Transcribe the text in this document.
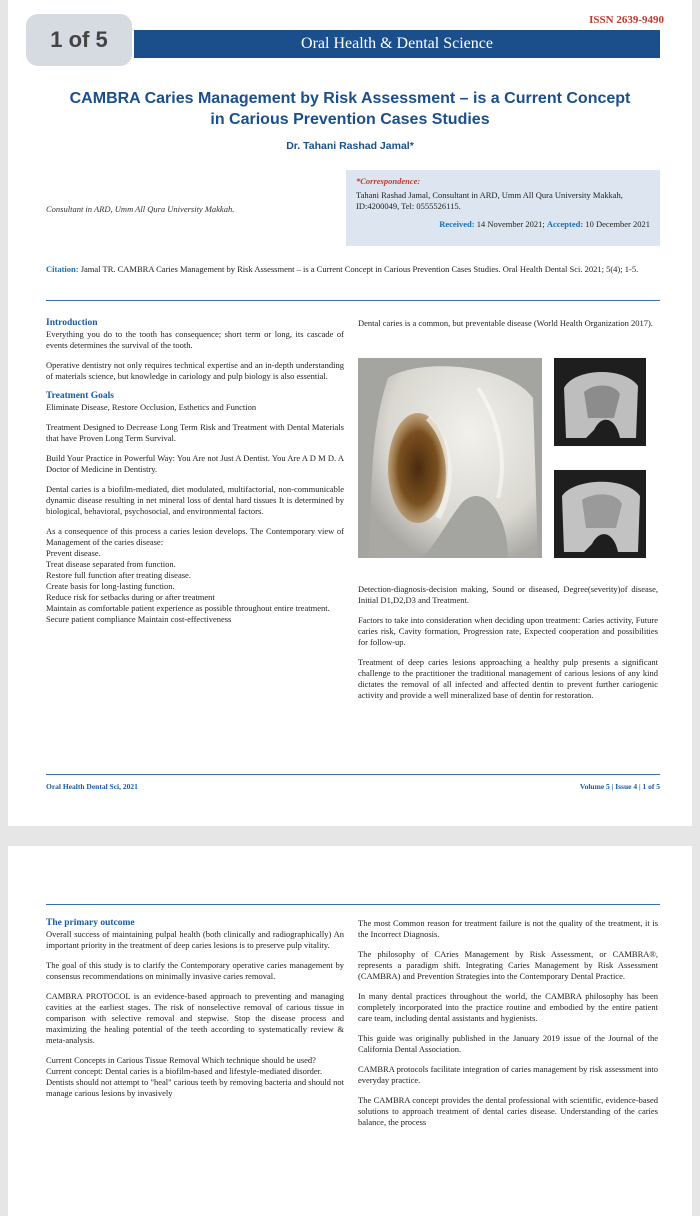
ISSN 2639-9490
Oral Health & Dental Science
CAMBRA Caries Management by Risk Assessment – is a Current Concept
in Carious Prevention Cases Studies
Dr. Tahani Rashad Jamal*
Consultant in ARD, Umm All Qura University Makkah.
*Correspondence:
Tahani Rashad Jamal, Consultant in ARD, Umm All Qura University Makkah, ID:4200049, Tel: 0555526115.
Received: 14 November 2021; Accepted: 10 December 2021
Citation: Jamal TR. CAMBRA Caries Management by Risk Assessment – is a Current Concept in Carious Prevention Cases Studies. Oral Health Dental Sci. 2021; 5(4); 1-5.
Introduction

Everything you do to the tooth has consequence; short term or long, its cascade of events determines the survival of the tooth.

Operative dentistry not only requires technical expertise and an in-depth understanding of materials science, but knowledge in cariology and pulp biology is also essential.

Treatment Goals

Eliminate Disease, Restore Occlusion, Esthetics and Function

Treatment Designed to Decrease Long Term Risk and Treatment with Dental Materials that have Proven Long Term Survival.

Build Your Practice in Powerful Way: You Are not Just A Dentist. You Are A D M D. A Doctor of Medicine in Dentistry.

Dental caries is a biofilm-mediated, diet modulated, multifactorial, non-communicable dynamic disease resulting in net mineral loss of dental hard tissues It is determined by biological, behavioral, psychosocial, and environmental factors.

As a consequence of this process a caries lesion develops. The Contemporary view of Management of the caries disease:
Prevent disease.
Treat disease separated from function.
Restore full function after treating disease.
Create basis for long-lasting function.
Reduce risk for setbacks during or after treatment
Maintain as comfortable patient experience as possible throughout entire treatment.
Secure patient compliance Maintain cost-effectiveness

Dental caries is a common, but preventable disease (World Health Organization 2017).

Detection-diagnosis-decision making, Sound or diseased, Degree(severity)of disease, Initial D1,D2,D3 and Treatment.

Factors to take into consideration when deciding upon treatment: Caries activity, Future caries risk, Cavity formation, Progression rate, Expected cooperation and possibilities for follow-up.

Treatment of deep caries lesions approaching a healthy pulp presents a significant challenge to the practitioner the traditional management of carious lesions of any kind dictates the removal of all infected and affected dentin to prevent further cariogenic activity and provide a well mineralized base of dentin for restoration.

Oral Health Dental Sci, 2021	Volume 5 | Issue 4 | 1 of 5
1 of 5
The primary outcome

Overall success of maintaining pulpal health (both clinically and radiographically) An important priority in the treatment of deep caries lesions is to preserve pulp vitality.

The goal of this study is to clarify the Contemporary operative caries management by consensus recommendations on minimally invasive caries removal.

CAMBRA PROTOCOL is an evidence-based approach to preventing and managing cavities at the earliest stages. The risk of nonselective removal of carious tissue in comparison with selective removal and stepwise. Stop the disease process and maximizing the healing potential of the teeth according to systematically review & meta-analysis.

Current Concepts in Carious Tissue Removal Which technique should be used?

Current concept: Dental caries is a biofilm-based and lifestyle-mediated disorder.
Dentists should not attempt to "heal" carious teeth by removing bacteria and should not manage carious lesions by invasively

The most Common reason for treatment failure is not the quality of the treatment, it is the Incorrect Diagnosis.

The philosophy of CAries Management by Risk Assessment, or CAMBRA®, represents a paradigm shift. Integrating Caries Management by Risk Assessment (CAMBRA) and Prevention Strategies into the Contemporary Dental Practice.

In many dental practices throughout the world, the CAMBRA philosophy has been completely incorporated into the practice routine and embodied by the entire patient care team, including dental assistants and hygienists.

This guide was originally published in the January 2019 issue of the Journal of the California Dental Association.

CAMBRA protocols facilitate integration of caries management by risk assessment into everyday practice.

The CAMBRA concept provides the dental professional with scientific, evidence-based solutions to approach treatment of dental caries disease. Understanding of the caries balance, the process
